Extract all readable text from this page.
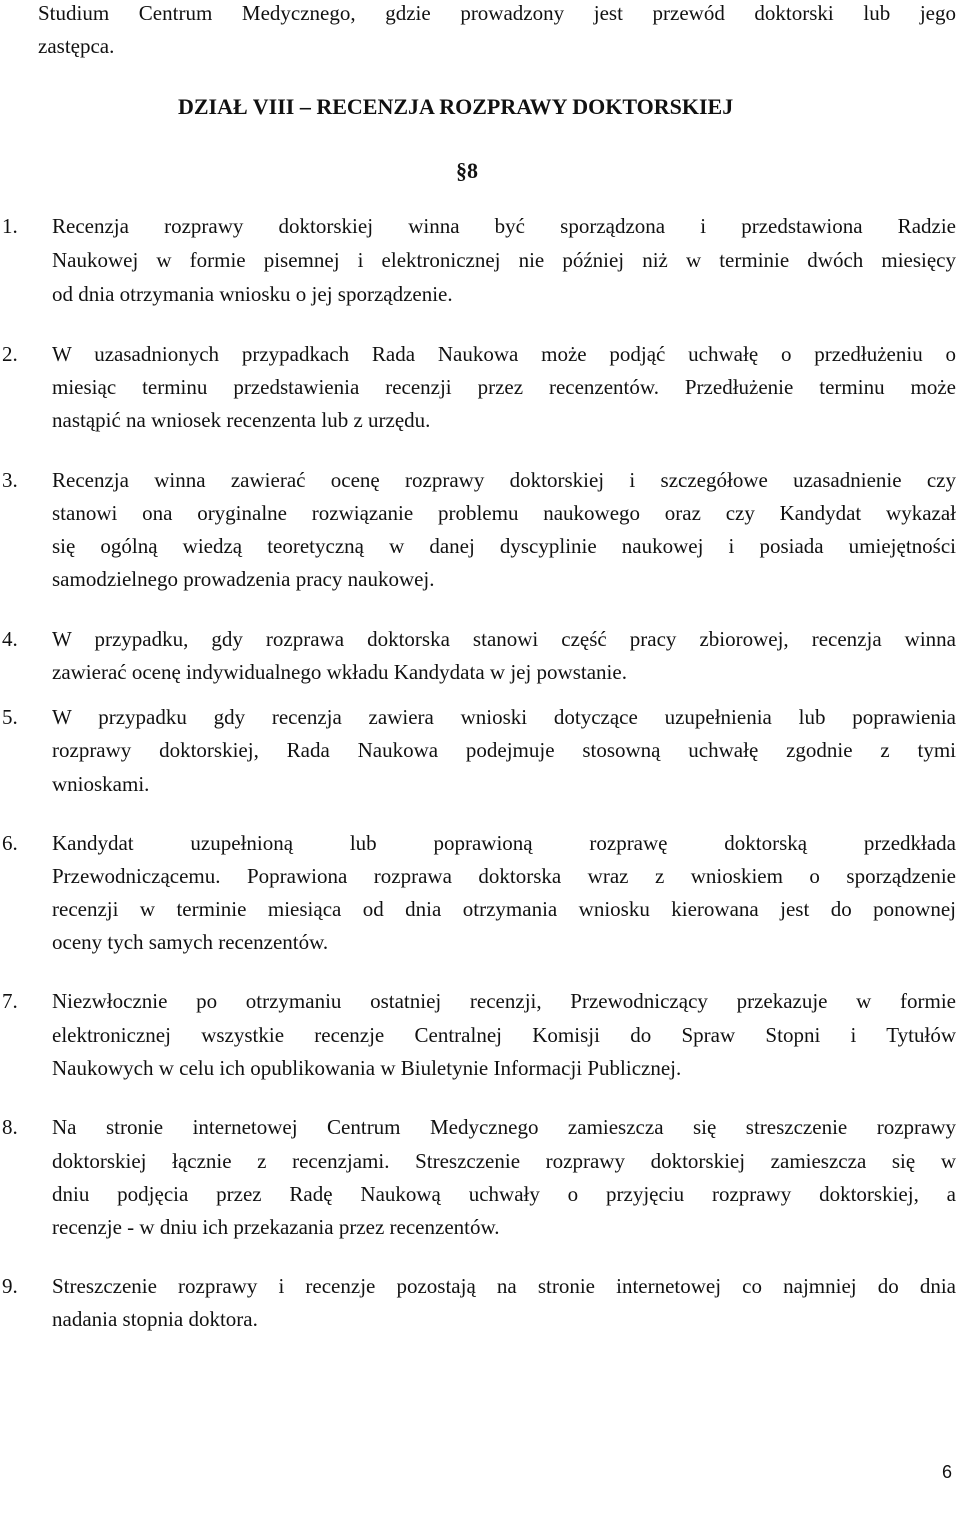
Studium Centrum Medycznego, gdzie prowadzony jest przewód doktorski lub jego
zastępca.
DZIAŁ VIII – RECENZJA ROZPRAWY DOKTORSKIEJ
§8
1.	Recenzja rozprawy doktorskiej winna być sporządzona i przedstawiona Radzie
Naukowej w formie pisemnej i elektronicznej nie później niż w terminie dwóch miesięcy
od dnia otrzymania wniosku o jej sporządzenie.
2.	W uzasadnionych przypadkach Rada Naukowa może podjąć uchwałę o przedłużeniu o
miesiąc terminu przedstawienia recenzji przez recenzentów. Przedłużenie terminu może
nastąpić na wniosek recenzenta lub z urzędu.
3.	Recenzja winna zawierać ocenę rozprawy doktorskiej i szczegółowe uzasadnienie czy
stanowi ona oryginalne rozwiązanie problemu naukowego oraz czy Kandydat wykazał
się ogólną wiedzą teoretyczną w danej dyscyplinie naukowej i posiada umiejętności
samodzielnego prowadzenia pracy naukowej.
4.	W przypadku, gdy rozprawa doktorska stanowi część pracy zbiorowej, recenzja winna
zawierać ocenę indywidualnego wkładu Kandydata w jej powstanie.
5.	W przypadku gdy recenzja zawiera wnioski dotyczące uzupełnienia lub poprawienia
rozprawy doktorskiej, Rada Naukowa podejmuje stosowną uchwałę zgodnie z tymi
wnioskami.
6.	Kandydat uzupełnioną lub poprawioną rozprawę doktorską przedkłada
Przewodniczącemu. Poprawiona rozprawa doktorska wraz z wnioskiem o sporządzenie
recenzji w terminie miesiąca od dnia otrzymania wniosku kierowana jest do ponownej
oceny tych samych recenzentów.
7.	Niezwłocznie po otrzymaniu ostatniej recenzji, Przewodniczący przekazuje w formie
elektronicznej wszystkie recenzje Centralnej Komisji do Spraw Stopni i Tytułów
Naukowych w celu ich opublikowania w Biuletynie Informacji Publicznej.
8.	Na stronie internetowej Centrum Medycznego zamieszcza się streszczenie rozprawy
doktorskiej łącznie z recenzjami. Streszczenie rozprawy doktorskiej zamieszcza się w
dniu podjęcia przez Radę Naukową uchwały o przyjęciu rozprawy doktorskiej, a
recenzje - w dniu ich przekazania przez recenzentów.
9.	Streszczenie rozprawy i recenzje pozostają na stronie internetowej co najmniej do dnia
nadania stopnia doktora.
6
